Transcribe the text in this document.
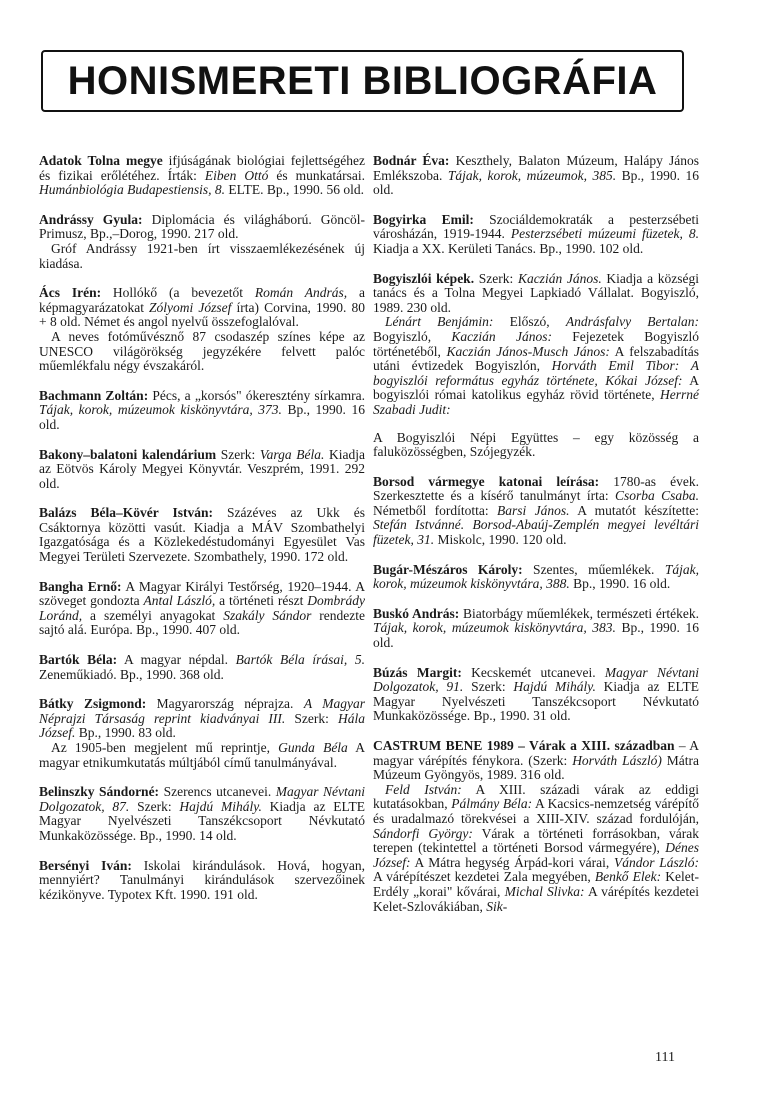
HONISMERETI BIBLIOGRÁFIA

Adatok Tolna megye ifjúságának biológiai fejlettségéhez és fizikai erőlétéhez. Írták: Eiben Ottó és munkatársai. Humánbiológia Budapestiensis, 8. ELTE. Bp., 1990. 56 old.

Andrássy Gyula: Diplomácia és világháború. Göncöl-Primusz, Bp.,–Dorog, 1990. 217 old.

Gróf Andrássy 1921-ben írt visszaemlékezésének új kiadása.

Ács Irén: Hollókő (a bevezetőt Román András, a képmagyarázatokat Zólyomi József írta) Corvina, 1990. 80 + 8 old. Német és angol nyelvű összefoglalóval.

A neves fotóművésznő 87 csodaszép színes képe az UNESCO világörökség jegyzékére felvett palóc műemlékfalu négy évszakáról.

Bachmann Zoltán: Pécs, a „korsós" ókeresztény sírkamra. Tájak, korok, múzeumok kiskönyvtára, 373. Bp., 1990. 16 old.

Bakony–balatoni kalendárium Szerk: Varga Béla. Kiadja az Eötvös Károly Megyei Könyvtár. Veszprém, 1991. 292 old.

Balázs Béla–Kövér István: Százéves az Ukk és Csáktornya közötti vasút. Kiadja a MÁV Szombathelyi Igazgatósága és a Közlekedéstudományi Egyesület Vas Megyei Területi Szervezete. Szombathely, 1990. 172 old.

Bangha Ernő: A Magyar Királyi Testőrség, 1920–1944. A szöveget gondozta Antal László, a történeti részt Dombrády Loránd, a személyi anyagokat Szakály Sándor rendezte sajtó alá. Európa. Bp., 1990. 407 old.

Bartók Béla: A magyar népdal. Bartók Béla írásai, 5. Zeneműkiadó. Bp., 1990. 368 old.

Bátky Zsigmond: Magyarország néprajza. A Magyar Néprajzi Társaság reprint kiadványai III. Szerk: Hála József. Bp., 1990. 83 old.

Az 1905-ben megjelent mű reprintje, Gunda Béla A magyar etnikumkutatás múltjából című tanulmányával.

Belinszky Sándorné: Szerencs utcanevei. Magyar Névtani Dolgozatok, 87. Szerk: Hajdú Mihály. Kiadja az ELTE Magyar Nyelvészeti Tanszékcsoport Névkutató Munkaközössége. Bp., 1990. 14 old.

Bersényi Iván: Iskolai kirándulások. Hová, hogyan, mennyiért? Tanulmányi kirándulások szervezőinek kézikönyve. Typotex Kft. 1990. 191 old.

Bodnár Éva: Keszthely, Balaton Múzeum, Halápy János Emlékszoba. Tájak, korok, múzeumok, 385. Bp., 1990. 16 old.

Bogyirka Emil: Szociáldemokraták a pesterzsébeti városházán, 1919-1944. Pesterzsébeti múzeumi füzetek, 8. Kiadja a XX. Kerületi Tanács. Bp., 1990. 102 old.

Bogyiszlói képek. Szerk: Kaczián János. Kiadja a községi tanács és a Tolna Megyei Lapkiadó Vállalat. Bogyiszló, 1989. 230 old.

Lénárt Benjámin: Előszó, Andrásfalvy Bertalan: Bogyiszló, Kaczián János: Fejezetek Bogyiszló történetéből, Kaczián János-Musch János: A felszabadítás utáni évtizedek Bogyiszlón, Horváth Emil Tibor: A bogyiszlói református egyház története, Kókai József: A bogyiszlói római katolikus egyház rövid története, Herrné Szabadi Judit:

A Bogyiszlói Népi Együttes – egy közösség a faluközösségben, Szójegyzék.

Borsod vármegye katonai leírása: 1780-as évek. Szerkesztette és a kísérő tanulmányt írta: Csorba Csaba. Németből fordította: Barsi János. A mutatót készítette: Stefán Istvánné. Borsod-Abaúj-Zemplén megyei levéltári füzetek, 31. Miskolc, 1990. 120 old.

Bugár-Mészáros Károly: Szentes, műemlékek. Tájak, korok, múzeumok kiskönyvtára, 388. Bp., 1990. 16 old.

Buskó András: Biatorbágy műemlékek, természeti értékek. Tájak, korok, múzeumok kiskönyvtára, 383. Bp., 1990. 16 old.

Búzás Margit: Kecskemét utcanevei. Magyar Névtani Dolgozatok, 91. Szerk: Hajdú Mihály. Kiadja az ELTE Magyar Nyelvészeti Tanszékcsoport Névkutató Munkaközössége. Bp., 1990. 31 old.

CASTRUM BENE 1989 – Várak a XIII. században – A magyar várépítés fénykora. (Szerk: Horváth László) Mátra Múzeum Gyöngyös, 1989. 316 old.

Feld István: A XIII. századi várak az eddigi kutatásokban, Pálmány Béla: A Kacsics-nemzetség várépítő és uradalmazó törekvései a XIII-XIV. század fordulóján, Sándorfi György: Várak a történeti forrásokban, várak terepen (tekintettel a történeti Borsod vármegyére), Dénes József: A Mátra hegység Árpád-kori várai, Vándor László: A várépítészet kezdetei Zala megyében, Benkő Elek: Kelet-Erdély „korai" kővárai, Michal Slivka: A várépítés kezdetei Kelet-Szlovákiában, Sik-

111
